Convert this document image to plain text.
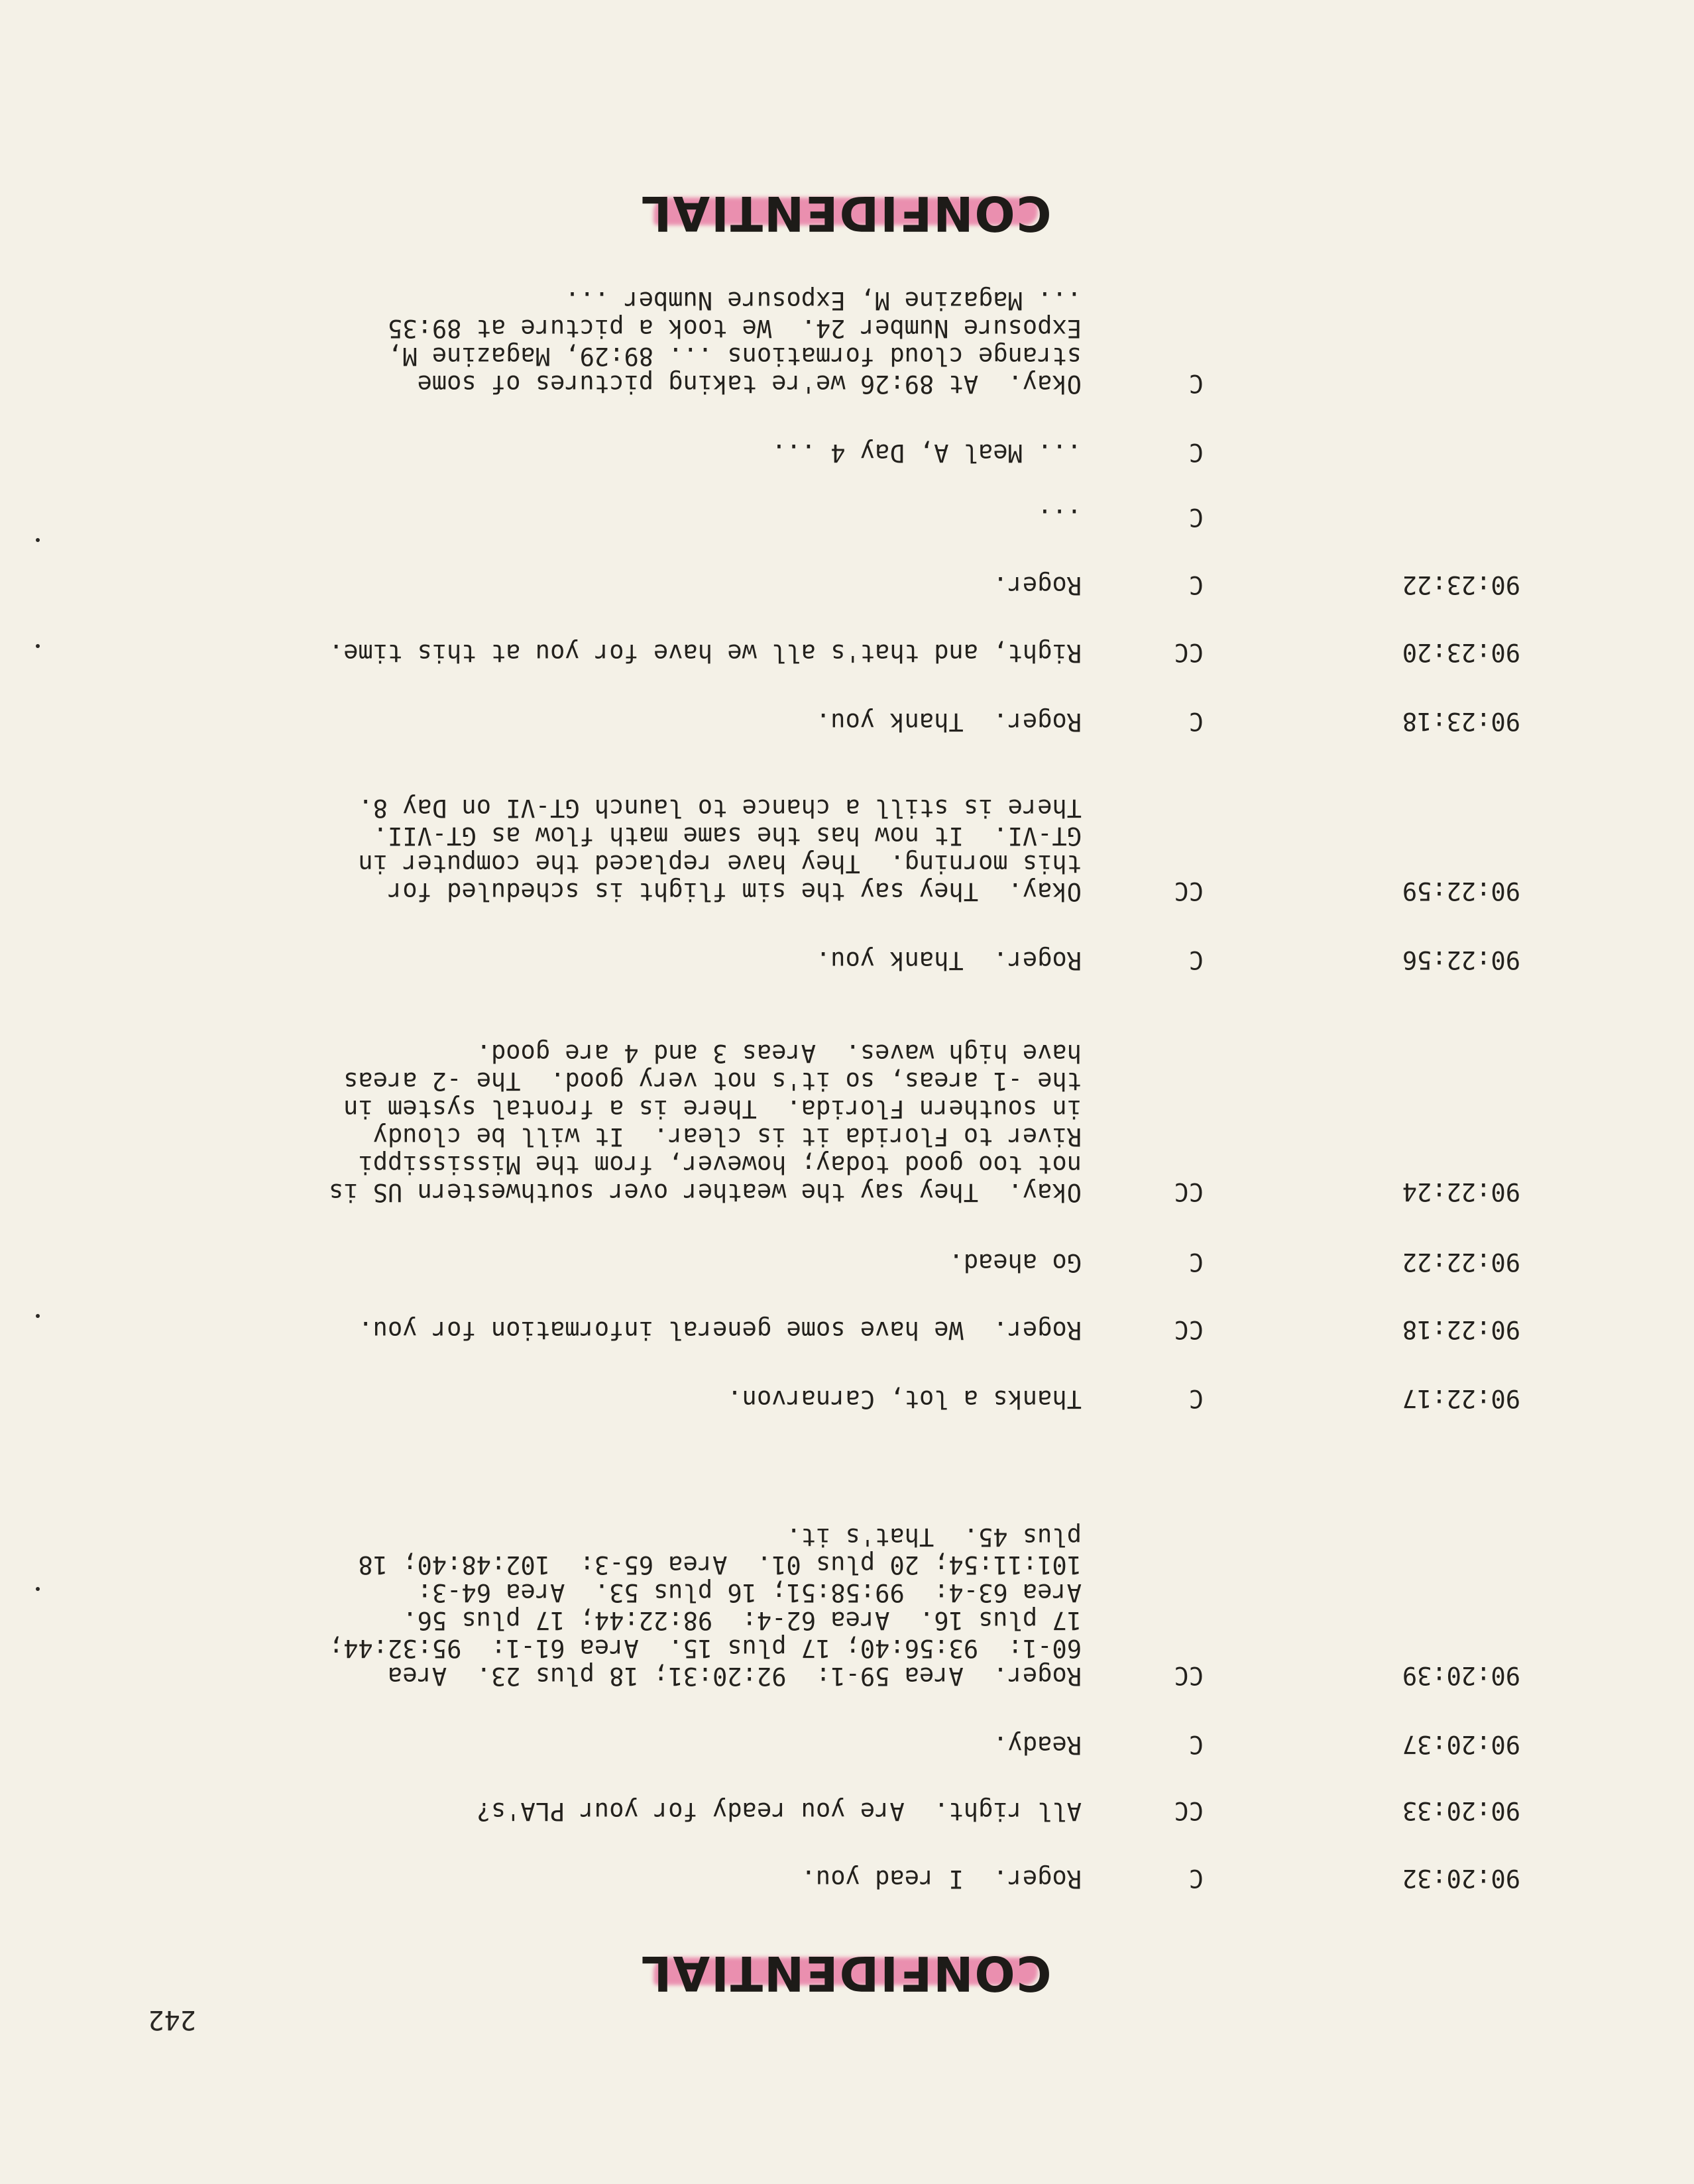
CONFIDENTIAL
242
90:20:32
C
Roger.  I read you.
90:20:33
CC
All right.  Are you ready for your PLA's?
90:20:37
C
Ready.
90:20:39
CC
Roger.  Area 59-1:  92:20:31; 18 plus 23.  Area
60-1:  93:56:40; 17 plus 15.  Area 61-1:  95:32:44;
17 plus 16.  Area 62-4:  98:22:44; 17 plus 56.
Area 63-4:  99:58:51; 16 plus 53.  Area 64-3:
101:11:54; 20 plus 01.  Area 65-3:  102:48:40; 18
plus 45.  That's it.
90:22:17
C
Thanks a lot, Carnarvon.
90:22:18
CC
Roger.  We have some general information for you.
90:22:22
C
Go ahead.
90:22:24
CC
Okay.  They say the weather over southwestern US is
not too good today; however, from the Mississippi
River to Florida it is clear.  It will be cloudy
in southern Florida.  There is a frontal system in
the -1 areas, so it's not very good.  The -2 areas
have high waves.  Areas 3 and 4 are good.
90:22:56
C
Roger.  Thank you.
90:22:59
CC
Okay.  They say the sim flight is scheduled for
this morning.  They have replaced the computer in
GT-VI.  It now has the same math flow as GT-VII.
There is still a chance to launch GT-VI on Day 8.
90:23:18
C
Roger.  Thank you.
90:23:20
CC
Right, and that's all we have for you at this time.
90:23:22
C
Roger.
C
...
C
... Meal A, Day 4 ...
C
Okay.  At 89:26 we're taking pictures of some
strange cloud formations ... 89:29, Magazine M,
Exposure Number 24.  We took a picture at 89:35
... Magazine M, Exposure Number ...
CONFIDENTIAL
